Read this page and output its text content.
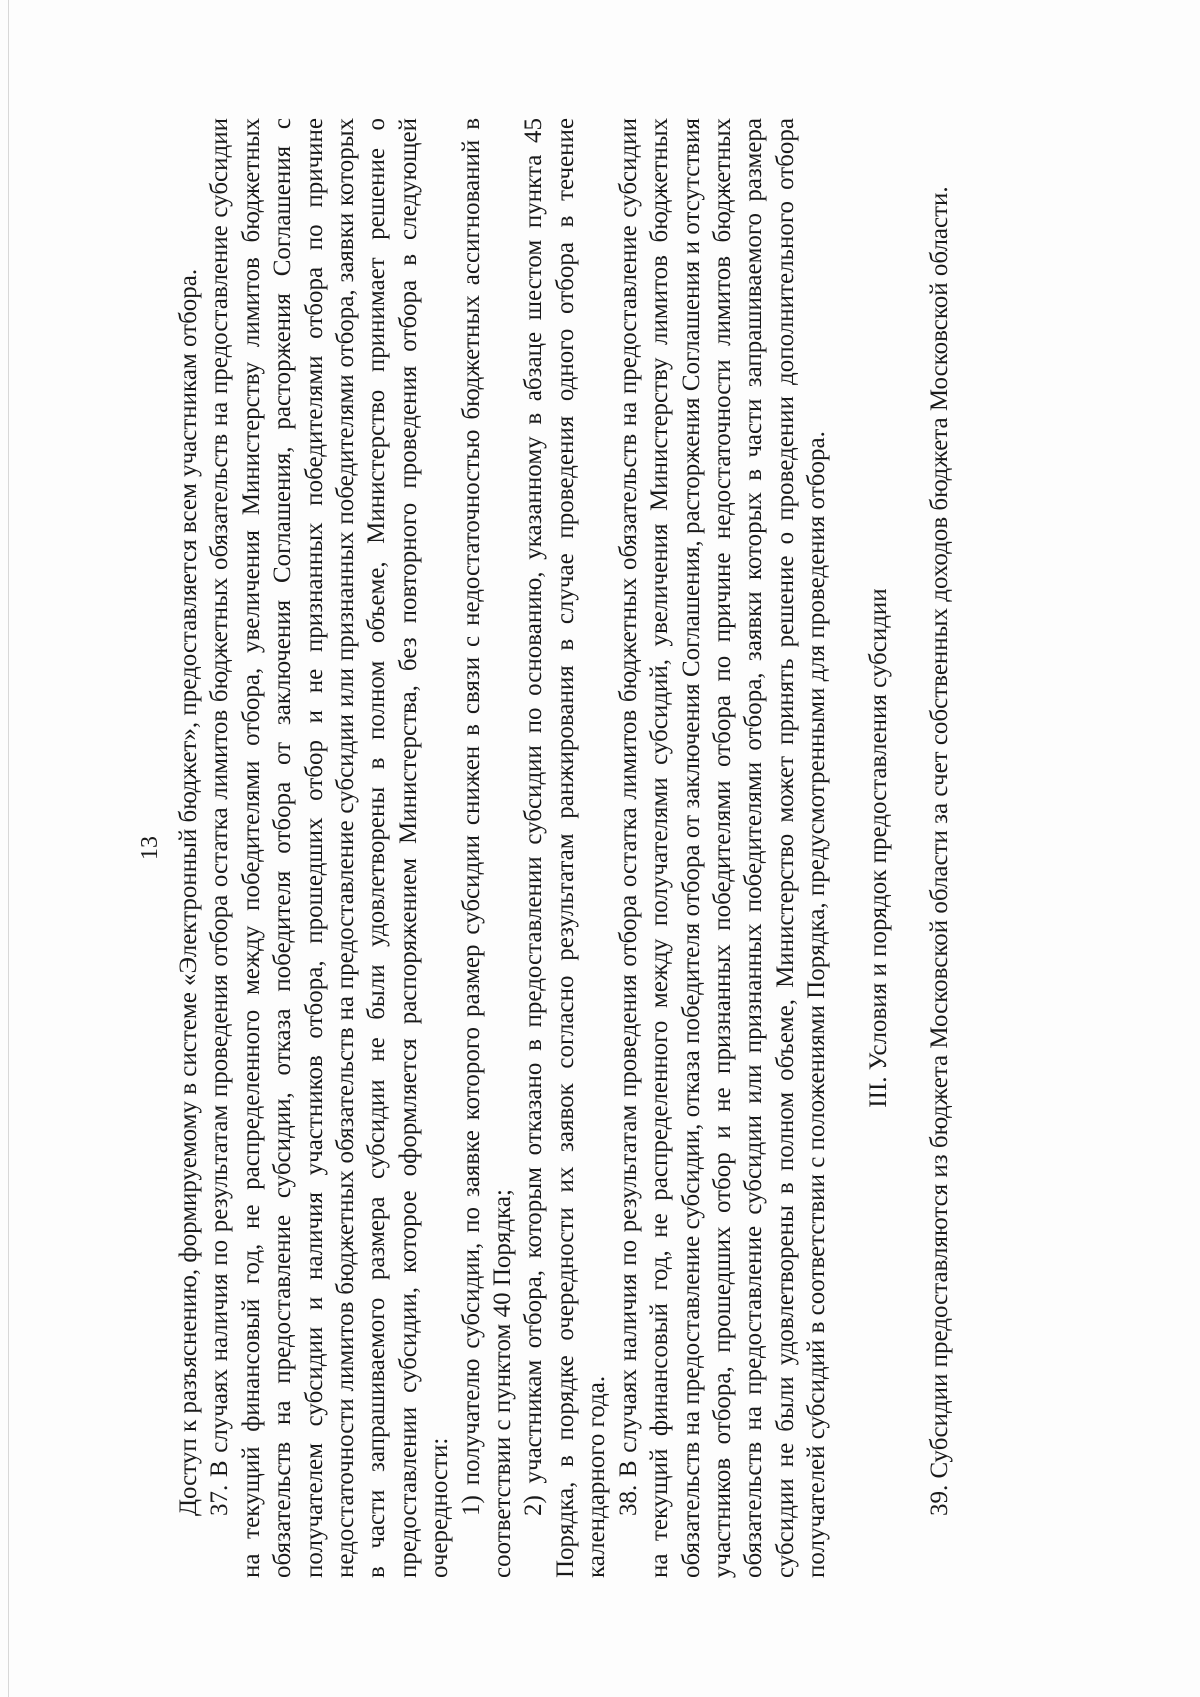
13 Доступ к разъяснению, формируемому в системе «Электронный бюджет», предоставляется всем участникам отбора. 37. В случаях наличия по результатам проведения отбора остатка лимитов бюджетных обязательств на предоставление субсидии на текущий финансовый год, не распределенного между победителями отбора, увеличения Министерству лимитов бюджетных обязательств на предоставление субсидии, отказа победителя отбора от заключения Соглашения, расторжения Соглашения с получателем субсидии и наличия участников отбора, прошедших отбор и не признанных победителями отбора по причине недостаточности лимитов бюджетных обязательств на предоставление субсидии или признанных победителями отбора, заявки которых в части запрашиваемого размера субсидии не были удовлетворены в полном объеме, Министерство принимает решение о предоставлении субсидии, которое оформляется распоряжением Министерства, без повторного проведения отбора в следующей очередности: 1) получателю субсидии, по заявке которого размер субсидии снижен в связи с недостаточностью бюджетных ассигнований в соответствии с пунктом 40 Порядка; 2) участникам отбора, которым отказано в предоставлении субсидии по основанию, указанному в абзаце шестом пункта 45 Порядка, в порядке очередности их заявок согласно результатам ранжирования в случае проведения одного отбора в течение календарного года. 38. В случаях наличия по результатам проведения отбора остатка лимитов бюджетных обязательств на предоставление субсидии на текущий финансовый год, не распределенного между получателями субсидий, увеличения Министерству лимитов бюджетных обязательств на предоставление субсидии, отказа победителя отбора от заключения Соглашения, расторжения Соглашения и отсутствия участников отбора, прошедших отбор и не признанных победителями отбора по причине недостаточности лимитов бюджетных обязательств на предоставление субсидии или признанных победителями отбора, заявки которых в части запрашиваемого размера субсидии не были удовлетворены в полном объеме, Министерство может принять решение о проведении дополнительного отбора получателей субсидий в соответствии с положениями Порядка, предусмотренными для проведения отбора. III. Условия и порядок предоставления субсидии 39. Субсидии предоставляются из бюджета Московской области за счет собственных доходов бюджета Московской области.
